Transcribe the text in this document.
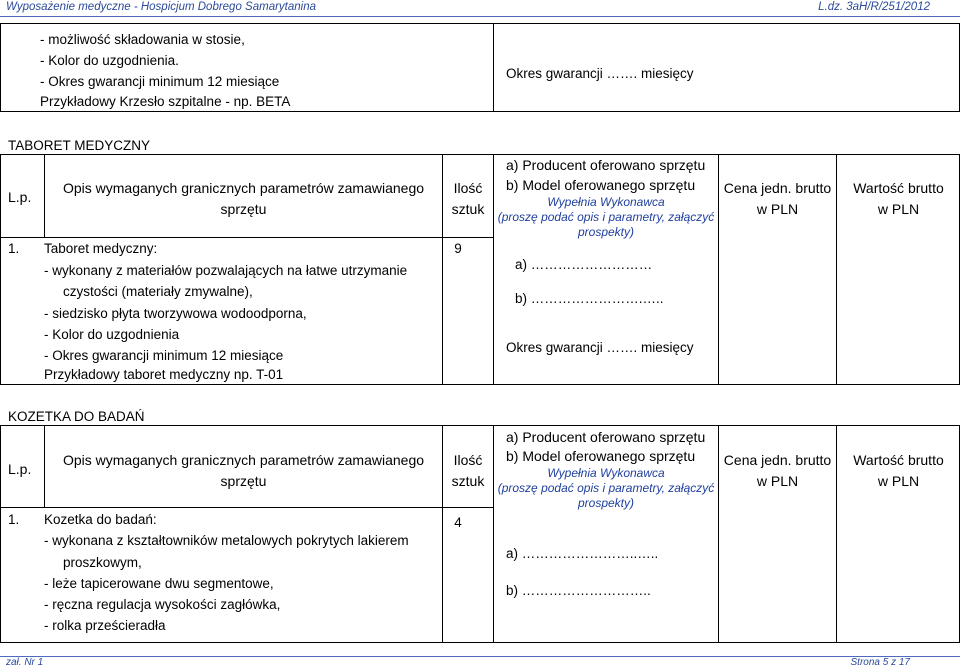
Wyposażenie medyczne - Hospicjum Dobrego Samarytanina	L.dz. 3aH/R/251/2012
- możliwość składowania w stosie,
- Kolor do uzgodnienia.
- Okres gwarancji minimum 12 miesiące
Przykładowy Krzesło szpitalne - np. BETA
Okres gwarancji ……. miesięcy
TABORET MEDYCZNY
L.p.
Opis wymaganych granicznych parametrów zamawianego
sprzętu
Ilość
sztuk
a) Producent oferowano sprzętu
b) Model oferowanego sprzętu
Wypełnia Wykonawca
(proszę podać opis i parametry, załączyć
prospekty)
Cena jedn. brutto
w PLN
Wartość brutto
w PLN
1. Taboret medyczny:
- wykonany z materiałów pozwalających na łatwe utrzymanie
czystości (materiały zmywalne),
- siedzisko płyta tworzywowa wodoodporna,
- Kolor do uzgodnienia
- Okres gwarancji minimum 12 miesiące
Przykładowy taboret medyczny np. T-01
9
a) ………………………
b) …………………….…..
Okres gwarancji ……. miesięcy
KOZETKA DO BADAŃ
L.p.
Opis wymaganych granicznych parametrów zamawianego
sprzętu
Ilość
sztuk
a) Producent oferowano sprzętu
b) Model oferowanego sprzętu
Wypełnia Wykonawca
(proszę podać opis i parametry, załączyć
prospekty)
Cena jedn. brutto
w PLN
Wartość brutto
w PLN
1. Kozetka do badań:
- wykonana z kształtowników metalowych pokrytych lakierem
proszkowym,
- leże tapicerowane dwu segmentowe,
- ręczna regulacja wysokości zagłówka,
- rolka prześcieradła
4
a) ……………………..…..
b) ………………………..
zał. Nr 1	Strona 5 z 17
